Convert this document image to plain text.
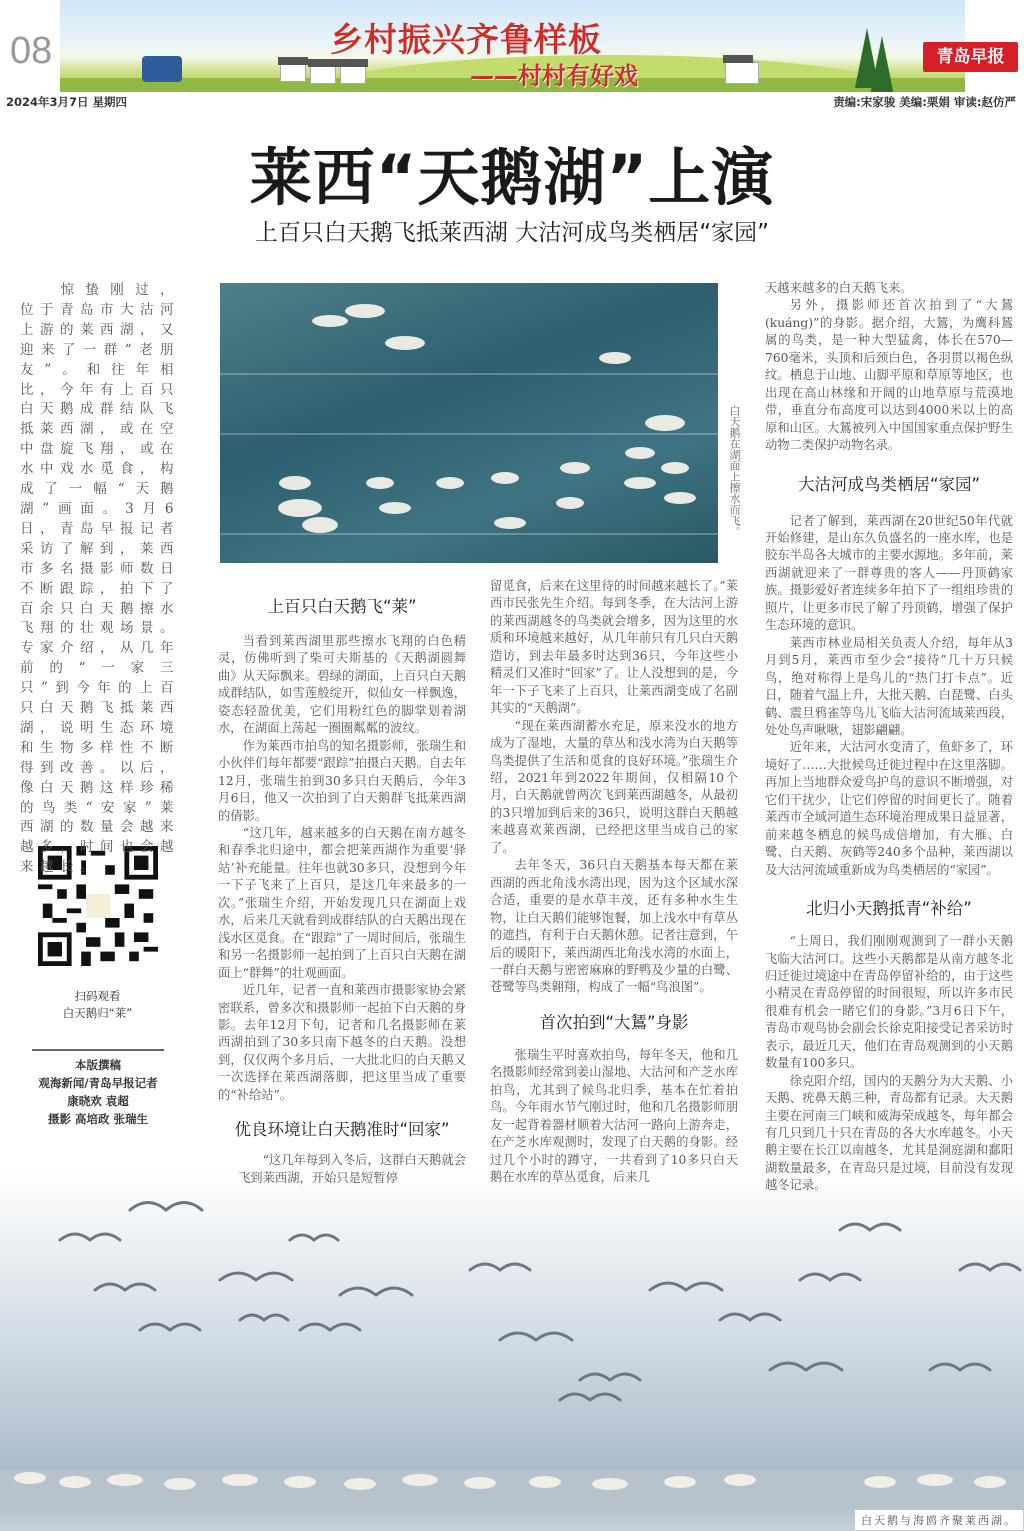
08	乡村振兴齐鲁样板
——村村有好戏
青岛早报
2024年3月7日 星期四	责编:宋家骏 美编:栗娟 审读:赵仿严
莱西“天鹅湖”上演
上百只白天鹅飞抵莱西湖 大沽河成鸟类栖居“家园”
白天鹅在湖面上擦水而飞。
扫码观看
白天鹅归“莱”
白天鹅与海鸥齐聚莱西湖。
本版撰稿
观海新闻/青岛早报记者
康晓欢 袁超
摄影 高培政 张瑞生

惊蛰刚过，位于青岛市大沽河上游的莱西湖，又迎来了一群“老朋友”。和往年相比，今年有上百只白天鹅成群结队飞抵莱西湖，或在空中盘旋飞翔，或在水中戏水觅食，构成了一幅“天鹅湖”画面。3月6日，青岛早报记者采访了解到，莱西市多名摄影师数日不断跟踪，拍下了百余只白天鹅擦水飞翔的壮观场景。专家介绍，从几年前的“一家三只”到今年的上百只白天鹅飞抵莱西湖，说明生态环境和生物多样性不断得到改善。以后，像白天鹅这样珍稀的鸟类“安家”莱西湖的数量会越来越多，时间也会越来越长。

上百只白天鹅飞“莱”

当看到莱西湖里那些擦水飞翔的白色精灵，仿佛听到了柴可夫斯基的《天鹅湖圆舞曲》从天际飘来。碧绿的湖面，上百只白天鹅成群结队，如雪莲般绽开，似仙女一样飘逸，姿态轻盈优美，它们用粉红色的脚掌划着湖水，在湖面上荡起一圈圈粼粼的波纹。

作为莱西市拍鸟的知名摄影师，张瑞生和小伙伴们每年都要“跟踪”拍摄白天鹅。自去年12月，张瑞生拍到30多只白天鹅后，今年3月6日，他又一次拍到了白天鹅群飞抵莱西湖的倩影。

“这几年，越来越多的白天鹅在南方越冬和春季北归途中，都会把莱西湖作为重要‘驿站’补充能量。往年也就30多只，没想到今年一下子飞来了上百只，是这几年来最多的一次。”张瑞生介绍，开始发现几只在湖面上戏水，后来几天就看到成群结队的白天鹅出现在浅水区觅食。在“跟踪”了一周时间后，张瑞生和另一名摄影师一起拍到了上百只白天鹅在湖面上“群舞”的壮观画面。

近几年，记者一直和莱西市摄影家协会紧密联系，曾多次和摄影师一起拍下白天鹅的身影。去年12月下旬，记者和几名摄影师在莱西湖拍到了30多只南下越冬的白天鹅。没想到，仅仅两个多月后，一大批北归的白天鹅又一次选择在莱西湖落脚，把这里当成了重要的“补给站”。

优良环境让白天鹅准时“回家”

“这几年每到入冬后，这群白天鹅就会飞到莱西湖，开始只是短暂停

留觅食，后来在这里待的时间越来越长了。”莱西市民张先生介绍。每到冬季，在大沽河上游的莱西湖越冬的鸟类就会增多，因为这里的水质和环境越来越好，从几年前只有几只白天鹅造访，到去年最多时达到36只，今年这些小精灵们又准时“回家”了。让人没想到的是，今年一下子飞来了上百只，让莱西湖变成了名副其实的“天鹅湖”。

“现在莱西湖蓄水充足，原来没水的地方成为了湿地，大量的草丛和浅水湾为白天鹅等鸟类提供了生活和觅食的良好环境。”张瑞生介绍，2021年到2022年期间，仅相隔10个月，白天鹅就曾两次飞到莱西湖越冬，从最初的3只增加到后来的36只，说明这群白天鹅越来越喜欢莱西湖，已经把这里当成自己的家了。

去年冬天，36只白天鹅基本每天都在莱西湖的西北角浅水湾出现，因为这个区域水深合适，重要的是水草丰茂，还有多种水生生物，让白天鹅们能够饱餐，加上浅水中有草丛的遮挡，有利于白天鹅休憩。记者注意到，午后的暖阳下，莱西湖西北角浅水湾的水面上，一群白天鹅与密密麻麻的野鸭及少量的白鹭、苍鹭等鸟类翱翔，构成了一幅“鸟浪图”。

首次拍到“大鵟”身影

张瑞生平时喜欢拍鸟，每年冬天，他和几名摄影师经常到姜山湿地、大沽河和产芝水库拍鸟，尤其到了候鸟北归季，基本在忙着拍鸟。今年雨水节气刚过时，他和几名摄影师朋友一起背着器材顺着大沽河一路向上游奔走，在产芝水库观测时，发现了白天鹅的身影。经过几个小时的蹲守，一共看到了10多只白天鹅在水库的草丛觅食，后来几

天越来越多的白天鹅飞来。

另外，摄影师还首次拍到了“大鵟(kuáng)”的身影。据介绍，大鵟，为鹰科鵟属的鸟类，是一种大型猛禽，体长在570—760毫米，头顶和后颈白色，各羽贯以褐色纵纹。栖息于山地、山脚平原和草原等地区，也出现在高山林缘和开阔的山地草原与荒漠地带，垂直分布高度可以达到4000米以上的高原和山区。大鵟被列入中国国家重点保护野生动物二类保护动物名录。

大沽河成鸟类栖居“家园”

记者了解到，莱西湖在20世纪50年代就开始修建，是山东久负盛名的一座水库，也是胶东半岛各大城市的主要水源地。多年前，莱西湖就迎来了一群尊贵的客人——丹顶鹤家族。摄影爱好者连续多年拍下了一组组珍贵的照片，让更多市民了解了丹顶鹤，增强了保护生态环境的意识。

莱西市林业局相关负责人介绍，每年从3月到5月，莱西市至少会“接待”几十万只候鸟，绝对称得上是鸟儿的“热门打卡点”。近日，随着气温上升，大批天鹅、白琵鹭、白头鹤、震旦鸦雀等鸟儿飞临大沽河流域莱西段，处处鸟声啾啾，翅影翩翩。

近年来，大沽河水变清了，鱼虾多了，环境好了……大批候鸟迁徙过程中在这里落脚。再加上当地群众爱鸟护鸟的意识不断增强，对它们干扰少，让它们停留的时间更长了。随着莱西市全域河道生态环境治理成果日益显著，前来越冬栖息的候鸟成倍增加，有大雁、白鹭、白天鹅、灰鹤等240多个品种，莱西湖以及大沽河流域重新成为鸟类栖居的“家园”。

北归小天鹅抵青“补给”

“上周日，我们刚刚观测到了一群小天鹅飞临大沽河口。这些小天鹅都是从南方越冬北归迁徙过境途中在青岛停留补给的，由于这些小精灵在青岛停留的时间很短，所以许多市民很难有机会一睹它们的身影。”3月6日下午，青岛市观鸟协会副会长徐克阳接受记者采访时表示，最近几天，他们在青岛观测到的小天鹅数量有100多只。

徐克阳介绍，国内的天鹅分为大天鹅、小天鹅、疣鼻天鹅三种，青岛都有记录。大天鹅主要在河南三门峡和威海荣成越冬，每年都会有几只到几十只在青岛的各大水库越冬。小天鹅主要在长江以南越冬，尤其是洞庭湖和鄱阳湖数量最多，在青岛只是过境，目前没有发现越冬记录。
